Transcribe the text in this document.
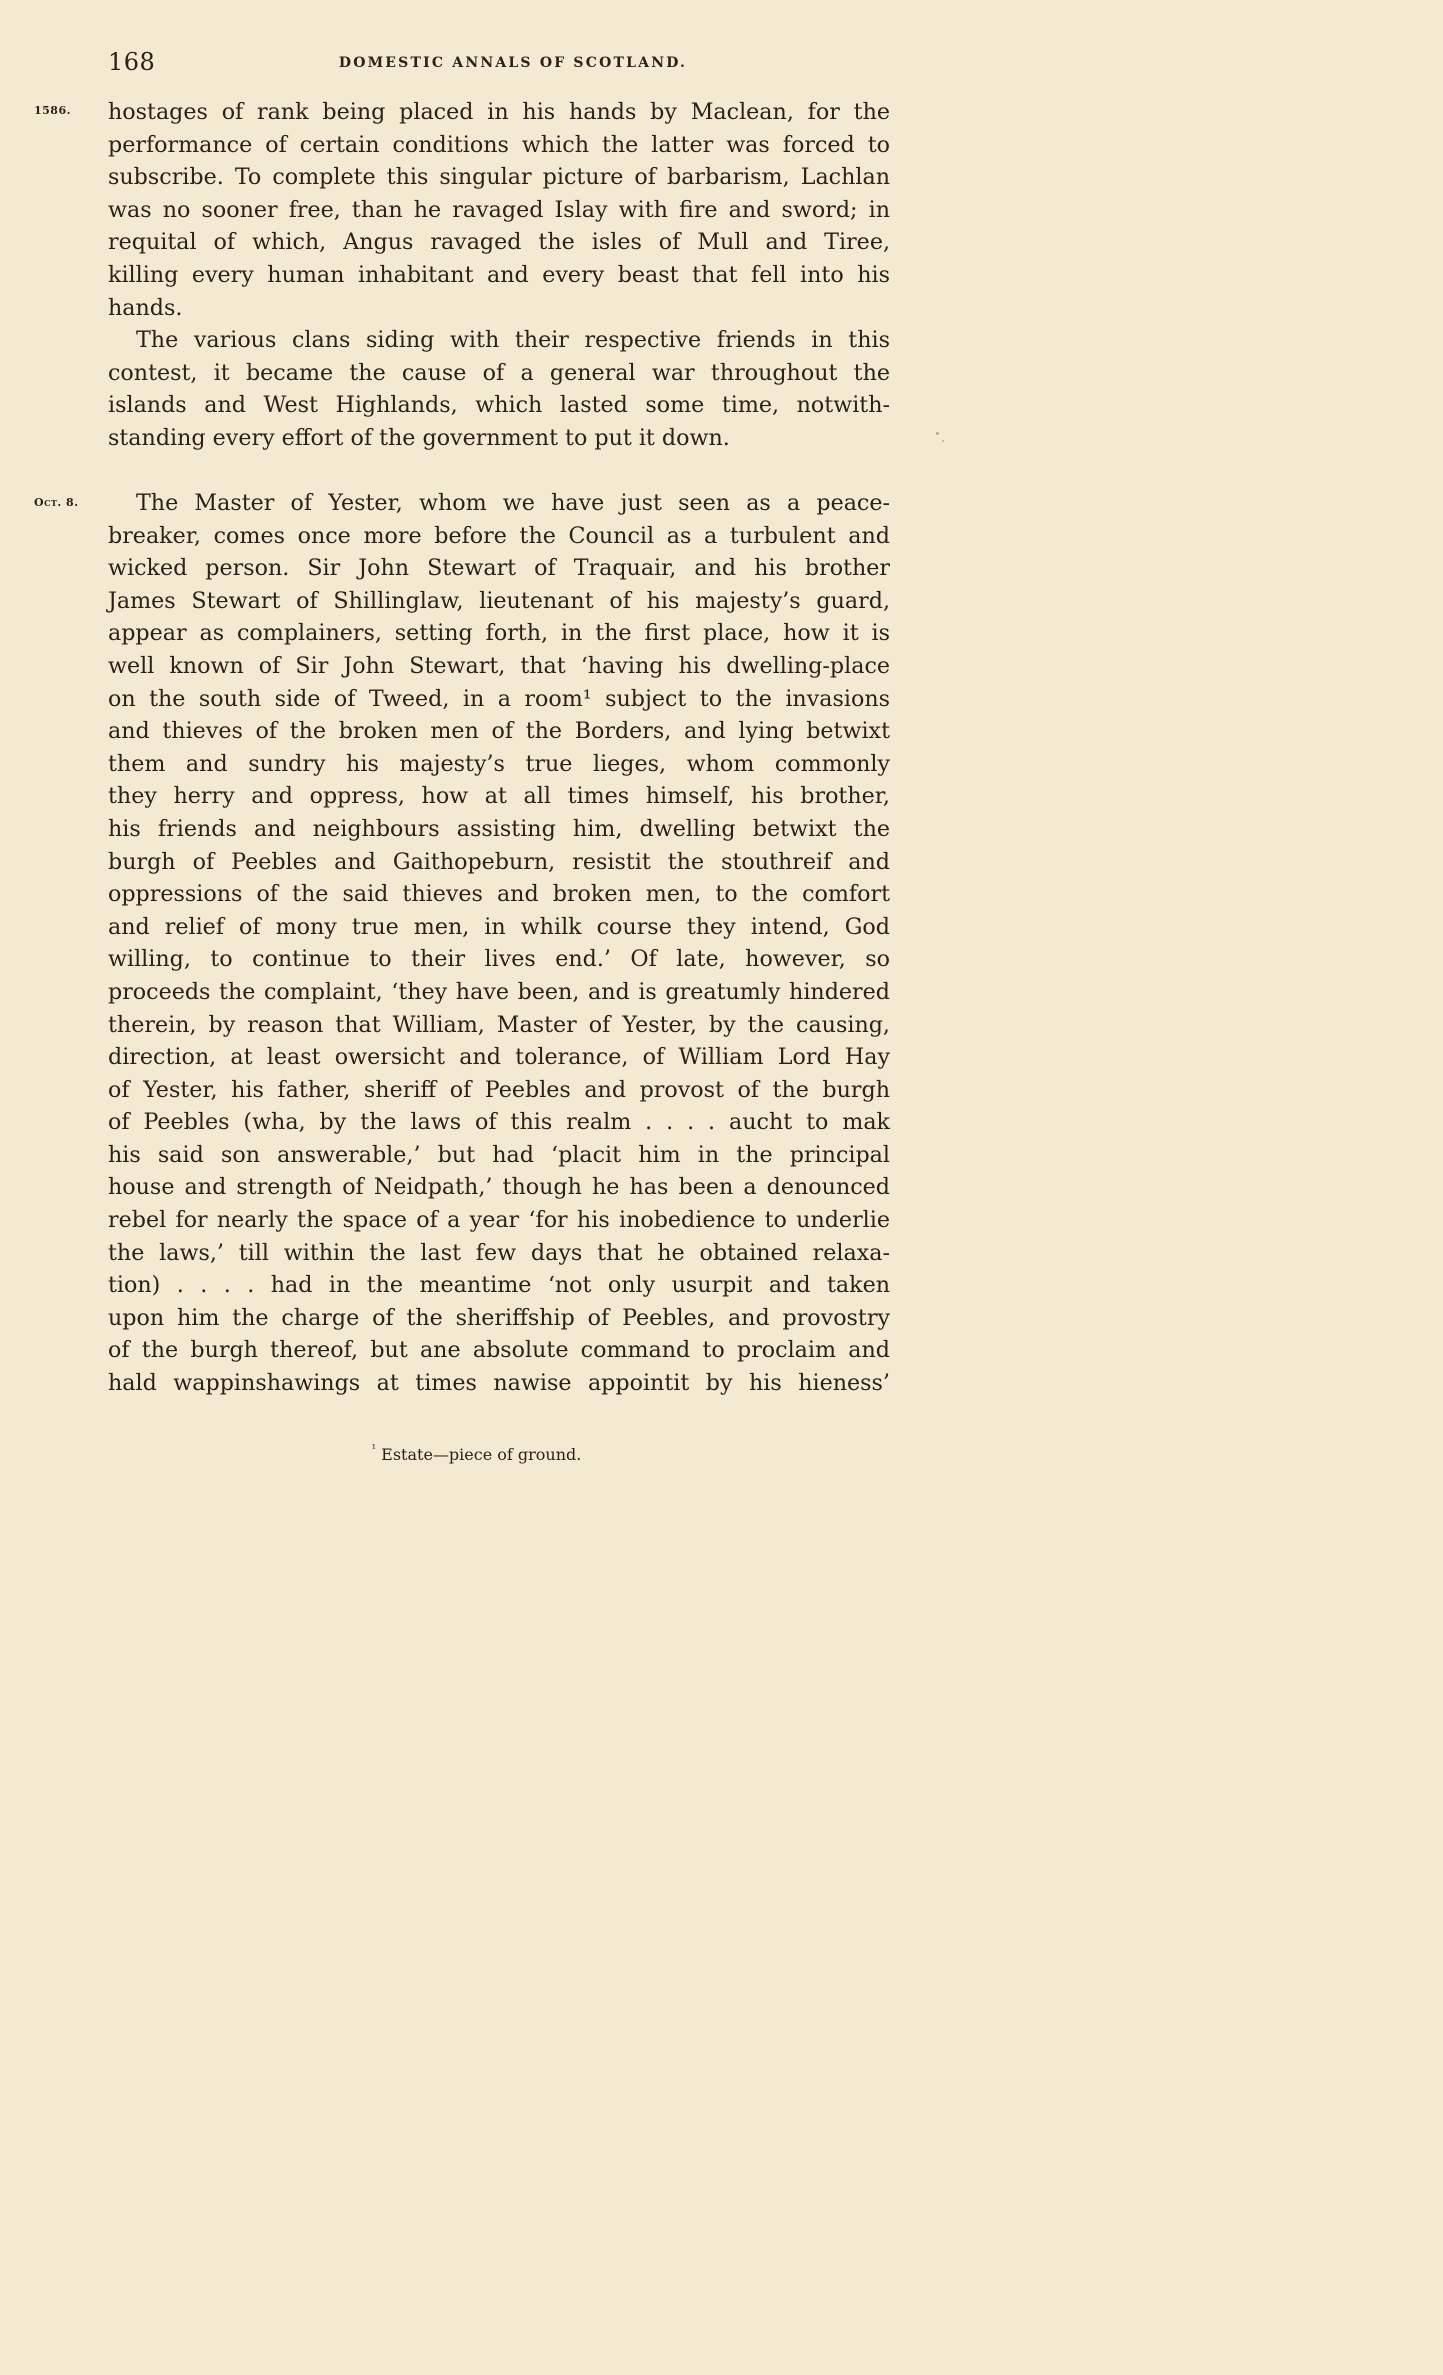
168	DOMESTIC ANNALS OF SCOTLAND.
1586.
Oct. 8.
hostages of rank being placed in his hands by Maclean, for the
performance of certain conditions which the latter was forced to
subscribe. To complete this singular picture of barbarism, Lachlan
was no sooner free, than he ravaged Islay with fire and sword; in
requital of which, Angus ravaged the isles of Mull and Tiree,
killing every human inhabitant and every beast that fell into his
hands.
The various clans siding with their respective friends in this
contest, it became the cause of a general war throughout the
islands and West Highlands, which lasted some time, notwith-
standing every effort of the government to put it down.
The Master of Yester, whom we have just seen as a peace-
breaker, comes once more before the Council as a turbulent and
wicked person. Sir John Stewart of Traquair, and his brother
James Stewart of Shillinglaw, lieutenant of his majesty’s guard,
appear as complainers, setting forth, in the first place, how it is
well known of Sir John Stewart, that ‘having his dwelling-place
on the south side of Tweed, in a room¹ subject to the invasions
and thieves of the broken men of the Borders, and lying betwixt
them and sundry his majesty’s true lieges, whom commonly
they herry and oppress, how at all times himself, his brother,
his friends and neighbours assisting him, dwelling betwixt the
burgh of Peebles and Gaithopeburn, resistit the stouthreif and
oppressions of the said thieves and broken men, to the comfort
and relief of mony true men, in whilk course they intend, God
willing, to continue to their lives end.’ Of late, however, so
proceeds the complaint, ‘they have been, and is greatumly hindered
therein, by reason that William, Master of Yester, by the causing,
direction, at least owersicht and tolerance, of William Lord Hay
of Yester, his father, sheriff of Peebles and provost of the burgh
of Peebles (wha, by the laws of this realm . . . . aucht to mak
his said son answerable,’ but had ‘placit him in the principal
house and strength of Neidpath,’ though he has been a denounced
rebel for nearly the space of a year ‘for his inobedience to underlie
the laws,’ till within the last few days that he obtained relaxa-
tion) . . . . had in the meantime ‘not only usurpit and taken
upon him the charge of the sheriffship of Peebles, and provostry
of the burgh thereof, but ane absolute command to proclaim and
hald wappinshawings at times nawise appointit by his hieness’
$^{^1}$ Estate—piece of ground.
